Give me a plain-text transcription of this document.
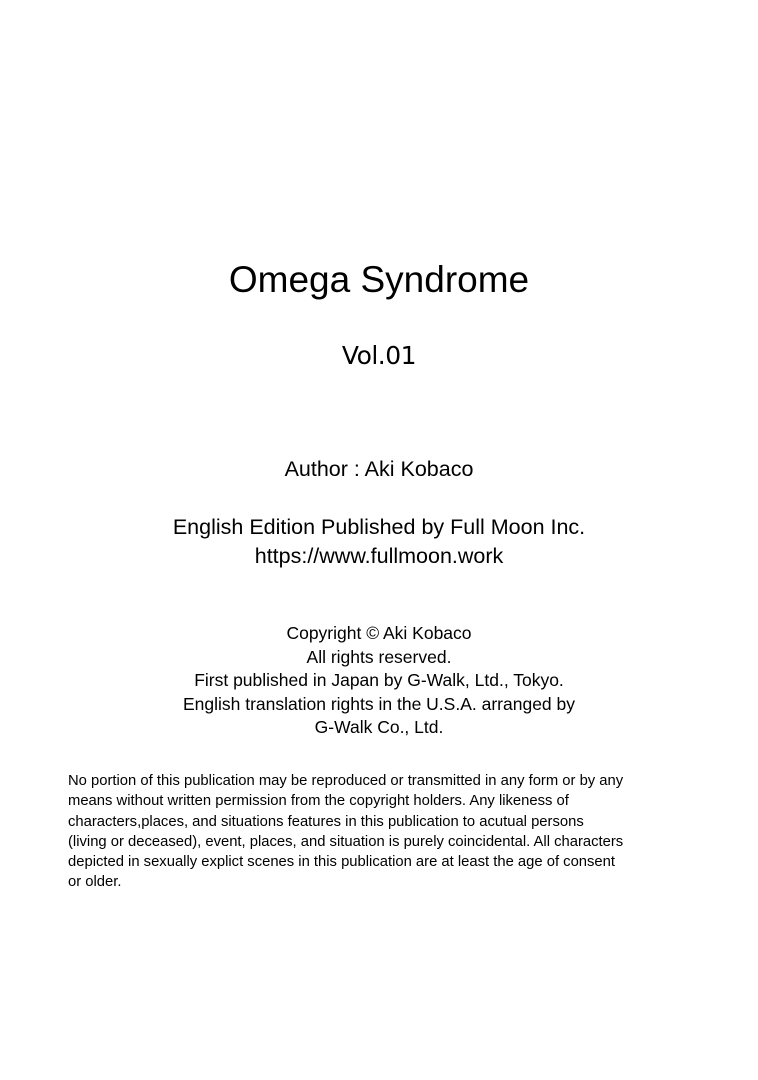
Omega Syndrome
Vol.01
Author : Aki Kobaco
English Edition Published by Full Moon Inc.
https://www.fullmoon.work
Copyright © Aki Kobaco
All rights reserved.
First published in Japan by G-Walk, Ltd., Tokyo.
English translation rights in the U.S.A. arranged by
G-Walk Co., Ltd.
No portion of this publication may be reproduced or transmitted in any form or by any
means without written permission from the copyright holders. Any likeness of
characters,places, and situations features in this publication to acutual persons
(living or deceased), event, places, and situation is purely coincidental. All characters
depicted in sexually explict scenes in this publication are at least the age of consent
or older.
